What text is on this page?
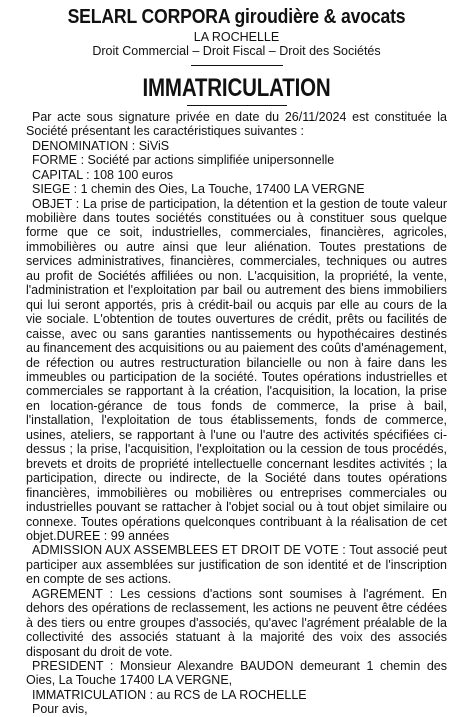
SELARL CORPORA giroudière & avocats
LA ROCHELLE
Droit Commercial – Droit Fiscal – Droit des Sociétés
IMMATRICULATION

Par acte sous signature privée en date du 26/11/2024 est constituée la Société présentant les caractéristiques suivantes :

DENOMINATION : SiViS

FORME : Société par actions simplifiée unipersonnelle

CAPITAL : 108 100 euros

SIEGE : 1 chemin des Oies, La Touche, 17400 LA VERGNE

OBJET : La prise de participation, la détention et la gestion de toute valeur mobilière dans toutes sociétés constituées ou à constituer sous quelque forme que ce soit, industrielles, commerciales, financières, agricoles, immobilières ou autre ainsi que leur aliénation. Toutes prestations de services administratives, financières, commerciales, techniques ou autres au profit de Sociétés affiliées ou non. L'acquisition, la propriété, la vente, l'administration et l'exploitation par bail ou autrement des biens immobiliers qui lui seront apportés, pris à crédit-bail ou acquis par elle au cours de la vie sociale. L'obtention de toutes ouvertures de crédit, prêts ou facilités de caisse, avec ou sans garanties nantissements ou hypothécaires destinés au financement des acquisitions ou au paiement des coûts d'aménagement, de réfection ou autres restructuration bilancielle ou non à faire dans les immeubles ou participation de la société. Toutes opérations industrielles et commerciales se rapportant à la création, l'acquisition, la location, la prise en location-gérance de tous fonds de commerce, la prise à bail, l'installation, l'exploitation de tous établissements, fonds de commerce, usines, ateliers, se rapportant à l'une ou l'autre des activités spécifiées ci-dessus ; la prise, l'acquisition, l'exploitation ou la cession de tous procédés, brevets et droits de propriété intellectuelle concernant lesdites activités ; la participation, directe ou indirecte, de la Société dans toutes opérations financières, immobilières ou mobilières ou entreprises commerciales ou industrielles pouvant se rattacher à l'objet social ou à tout objet similaire ou connexe. Toutes opérations quelconques contribuant à la réalisation de cet objet.DUREE : 99 années

ADMISSION AUX ASSEMBLEES ET DROIT DE VOTE : Tout associé peut participer aux assemblées sur justification de son identité et de l'inscription en compte de ses actions.

AGREMENT : Les cessions d'actions sont soumises à l'agrément. En dehors des opérations de reclassement, les actions ne peuvent être cédées à des tiers ou entre groupes d'associés, qu'avec l'agrément préalable de la collectivité des associés statuant à la majorité des voix des associés disposant du droit de vote.

PRESIDENT : Monsieur Alexandre BAUDON demeurant 1 chemin des Oies, La Touche 17400 LA VERGNE,

IMMATRICULATION : au RCS de LA ROCHELLE

Pour avis,
